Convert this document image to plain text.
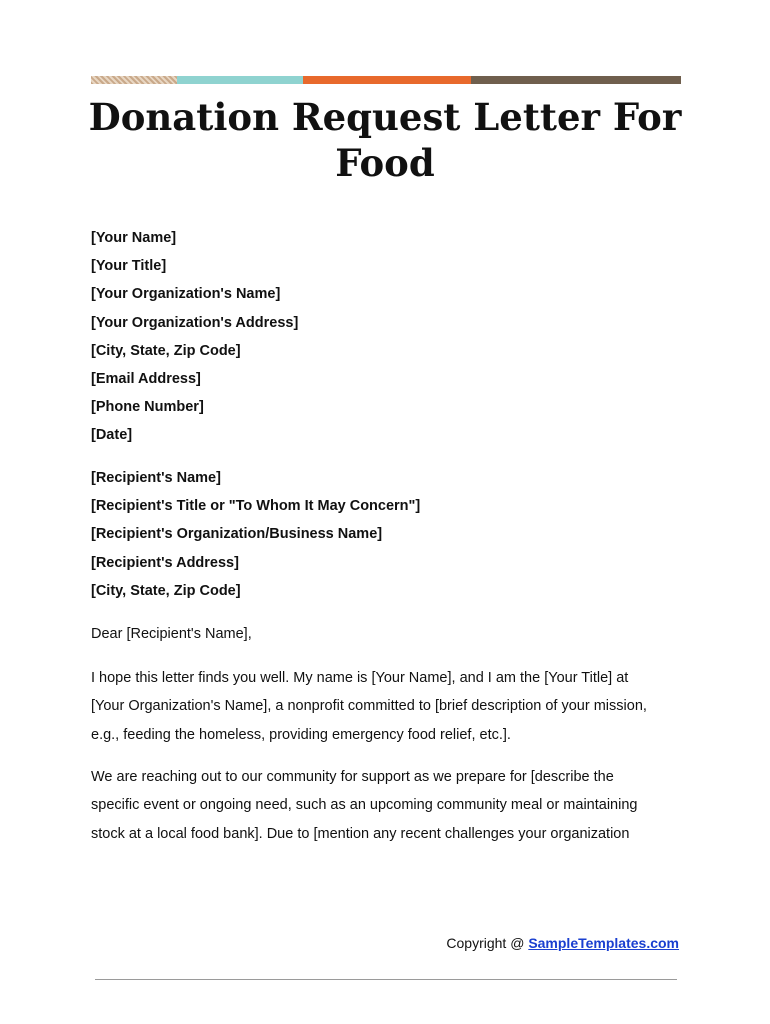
Donation Request Letter For
Food
[Your Name]
[Your Title]
[Your Organization's Name]
[Your Organization's Address]
[City, State, Zip Code]
[Email Address]
[Phone Number]
[Date]
[Recipient's Name]
[Recipient's Title or "To Whom It May Concern"]
[Recipient's Organization/Business Name]
[Recipient's Address]
[City, State, Zip Code]
Dear [Recipient's Name],
I hope this letter finds you well. My name is [Your Name], and I am the [Your Title] at
[Your Organization's Name], a nonprofit committed to [brief description of your mission,
e.g., feeding the homeless, providing emergency food relief, etc.].
We are reaching out to our community for support as we prepare for [describe the
specific event or ongoing need, such as an upcoming community meal or maintaining
stock at a local food bank]. Due to [mention any recent challenges your organization
Copyright @ SampleTemplates.com
